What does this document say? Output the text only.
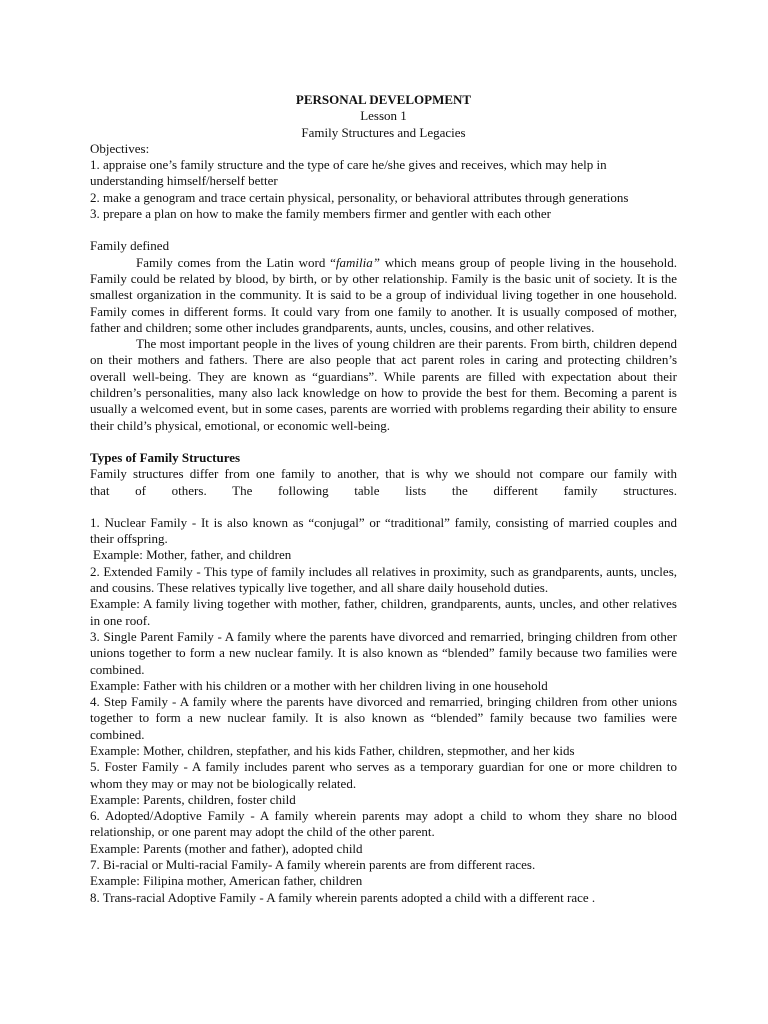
PERSONAL DEVELOPMENT
Lesson 1
Family Structures and Legacies
Objectives:
1. appraise one’s family structure and the type of care he/she gives and receives, which may help in understanding himself/herself better
2. make a genogram and trace certain physical, personality, or behavioral attributes through generations
3. prepare a plan on how to make the family members firmer and gentler with each other
Family defined

Family comes from the Latin word “familia” which means group of people living in the household. Family could be related by blood, by birth, or by other relationship. Family is the basic unit of society. It is the smallest organization in the community. It is said to be a group of individual living together in one household. Family comes in different forms. It could vary from one family to another. It is usually composed of mother, father and children; some other includes grandparents, aunts, uncles, cousins, and other relatives.

The most important people in the lives of young children are their parents. From birth, children depend on their mothers and fathers. There are also people that act parent roles in caring and protecting children’s overall well-being. They are known as “guardians”. While parents are filled with expectation about their children’s personalities, many also lack knowledge on how to provide the best for them. Becoming a parent is usually a welcomed event, but in some cases, parents are worried with problems regarding their ability to ensure their child’s physical, emotional, or economic well-being.

Types of Family Structures
Family structures differ from one family to another, that is why we should not compare our family with
that of others. The following table lists the different family structures.
1. Nuclear Family - It is also known as “conjugal” or “traditional” family, consisting of married couples and their offspring.
Example: Mother, father, and children
2. Extended Family - This type of family includes all relatives in proximity, such as grandparents, aunts, uncles, and cousins. These relatives typically live together, and all share daily household duties.
Example: A family living together with mother, father, children, grandparents, aunts, uncles, and other relatives in one roof.
3. Single Parent Family - A family where the parents have divorced and remarried, bringing children from other unions together to form a new nuclear family. It is also known as “blended” family because two families were combined.
Example: Father with his children or a mother with her children living in one household
4. Step Family - A family where the parents have divorced and remarried, bringing children from other unions together to form a new nuclear family. It is also known as “blended” family because two families were combined.
Example: Mother, children, stepfather, and his kids Father, children, stepmother, and her kids
5. Foster Family - A family includes parent who serves as a temporary guardian for one or more children to whom they may or may not be biologically related.
Example: Parents, children, foster child
6. Adopted/Adoptive Family - A family wherein parents may adopt a child to whom they share no blood relationship, or one parent may adopt the child of the other parent.
Example: Parents (mother and father), adopted child
7. Bi-racial or Multi-racial Family- A family wherein parents are from different races.
Example: Filipina mother, American father, children
8. Trans-racial Adoptive Family - A family wherein parents adopted a child with a different race .
